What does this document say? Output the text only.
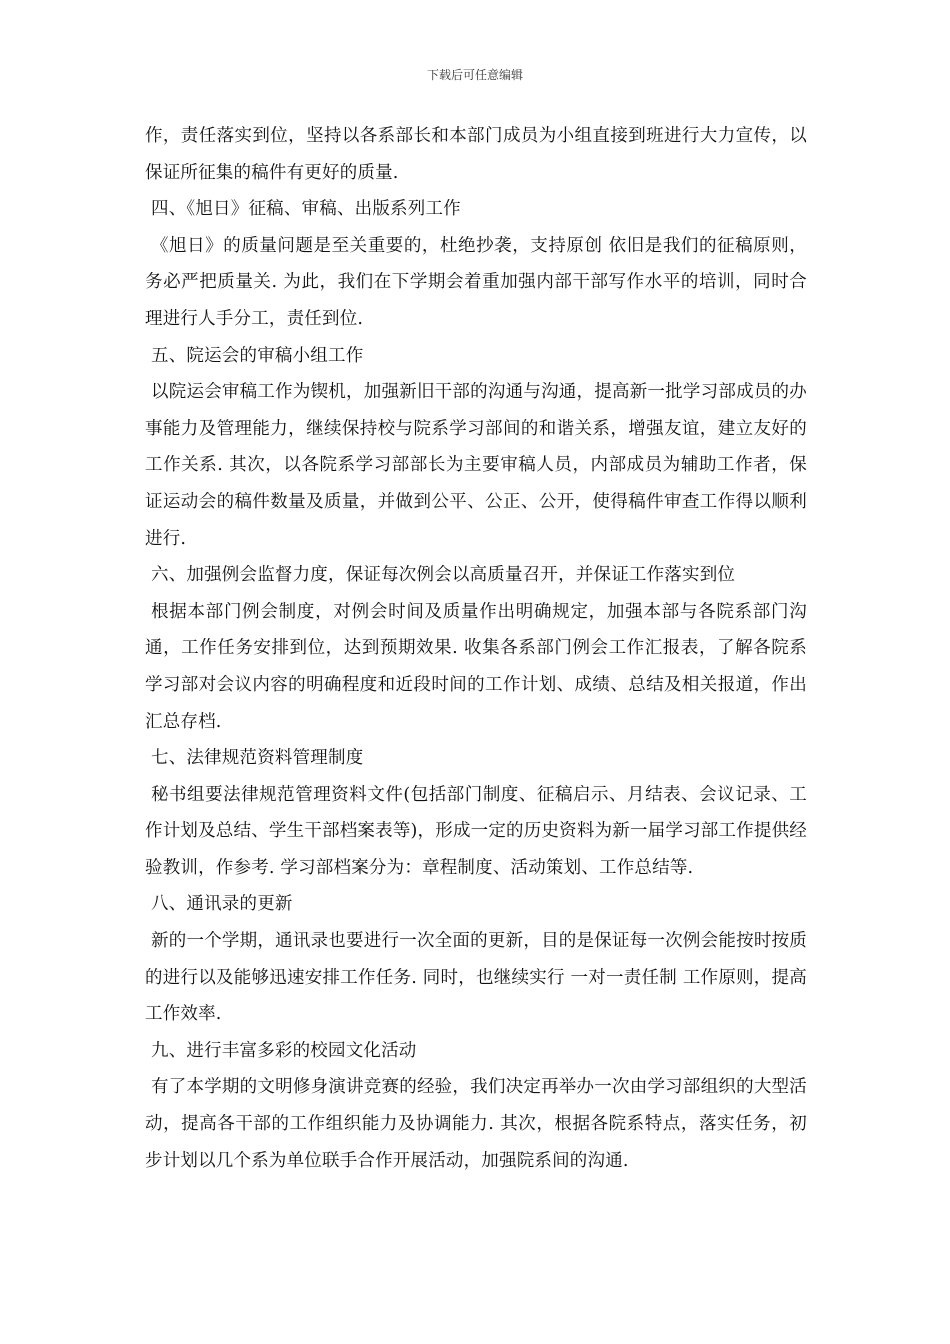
下载后可任意编辑

作，责任落实到位，坚持以各系部长和本部门成员为小组直接到班进行大力宣传，以保证所征集的稿件有更好的质量.

四、《旭日》征稿、审稿、出版系列工作

《旭日》的质量问题是至关重要的，杜绝抄袭，支持原创 依旧是我们的征稿原则，务必严把质量关. 为此，我们在下学期会着重加强内部干部写作水平的培训，同时合理进行人手分工，责任到位.

五、院运会的审稿小组工作

以院运会审稿工作为锲机，加强新旧干部的沟通与沟通，提高新一批学习部成员的办事能力及管理能力，继续保持校与院系学习部间的和谐关系，增强友谊，建立友好的工作关系. 其次，以各院系学习部部长为主要审稿人员，内部成员为辅助工作者，保证运动会的稿件数量及质量，并做到公平、公正、公开，使得稿件审查工作得以顺利进行.

六、加强例会监督力度，保证每次例会以高质量召开，并保证工作落实到位

根据本部门例会制度，对例会时间及质量作出明确规定，加强本部与各院系部门沟通，工作任务安排到位，达到预期效果. 收集各系部门例会工作汇报表，了解各院系学习部对会议内容的明确程度和近段时间的工作计划、成绩、总结及相关报道，作出汇总存档.

七、法律规范资料管理制度

秘书组要法律规范管理资料文件(包括部门制度、征稿启示、月结表、会议记录、工作计划及总结、学生干部档案表等)，形成一定的历史资料为新一届学习部工作提供经验教训，作参考. 学习部档案分为：章程制度、活动策划、工作总结等.

八、通讯录的更新

新的一个学期，通讯录也要进行一次全面的更新，目的是保证每一次例会能按时按质的进行以及能够迅速安排工作任务. 同时，也继续实行 一对一责任制 工作原则，提高工作效率.

九、进行丰富多彩的校园文化活动

有了本学期的文明修身演讲竞赛的经验，我们决定再举办一次由学习部组织的大型活动，提高各干部的工作组织能力及协调能力. 其次，根据各院系特点，落实任务，初步计划以几个系为单位联手合作开展活动，加强院系间的沟通.
